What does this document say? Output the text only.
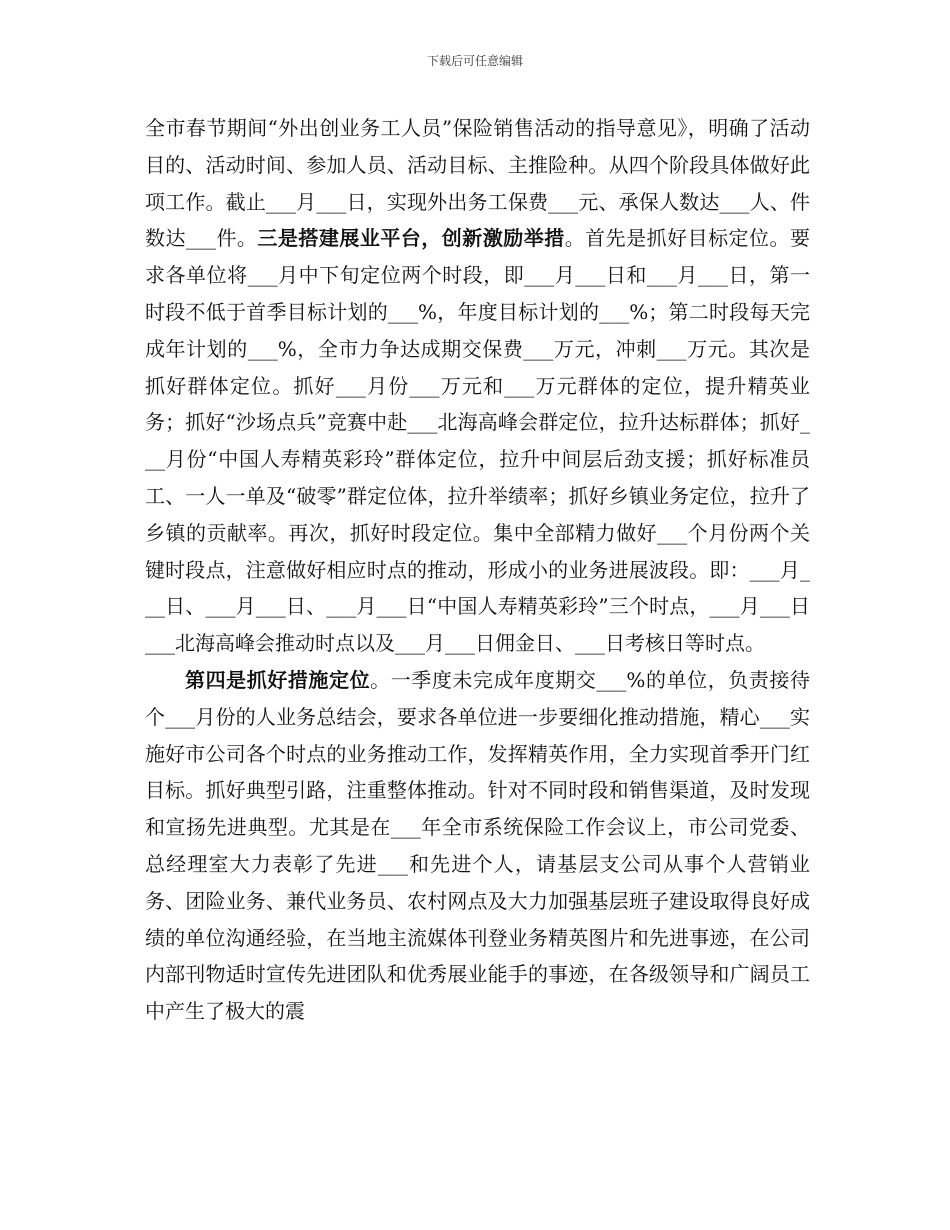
下载后可任意编辑

全市春节期间“外出创业务工人员”保险销售活动的指导意见》，明确了活动目的、活动时间、参加人员、活动目标、主推险种。从四个阶段具体做好此项工作。截止___月___日，实现外出务工保费___元、承保人数达___人、件数达___件。三是搭建展业平台，创新激励举措。首先是抓好目标定位。要求各单位将___月中下旬定位两个时段，即___月___日和___月___日，第一时段不低于首季目标计划的___%，年度目标计划的___%；第二时段每天完成年计划的___%，全市力争达成期交保费___万元，冲刺___万元。其次是抓好群体定位。抓好___月份___万元和___万元群体的定位，提升精英业务；抓好“沙场点兵”竞赛中赴___北海高峰会群定位，拉升达标群体；抓好___月份“中国人寿精英彩玲”群体定位，拉升中间层后劲支援；抓好标准员工、一人一单及“破零”群定位体，拉升举绩率；抓好乡镇业务定位，拉升了乡镇的贡献率。再次，抓好时段定位。集中全部精力做好___个月份两个关键时段点，注意做好相应时点的推动，形成小的业务进展波段。即：___月___日、___月___日、___月___日“中国人寿精英彩玲”三个时点，___月___日___北海高峰会推动时点以及___月___日佣金日、___日考核日等时点。

第四是抓好措施定位。一季度未完成年度期交___%的单位，负责接待个___月份的人业务总结会，要求各单位进一步要细化推动措施，精心___实施好市公司各个时点的业务推动工作，发挥精英作用，全力实现首季开门红目标。抓好典型引路，注重整体推动。针对不同时段和销售渠道，及时发现和宣扬先进典型。尤其是在___年全市系统保险工作会议上，市公司党委、总经理室大力表彰了先进___和先进个人，请基层支公司从事个人营销业务、团险业务、兼代业务员、农村网点及大力加强基层班子建设取得良好成绩的单位沟通经验，在当地主流媒体刊登业务精英图片和先进事迹，在公司内部刊物适时宣传先进团队和优秀展业能手的事迹，在各级领导和广阔员工中产生了极大的震
